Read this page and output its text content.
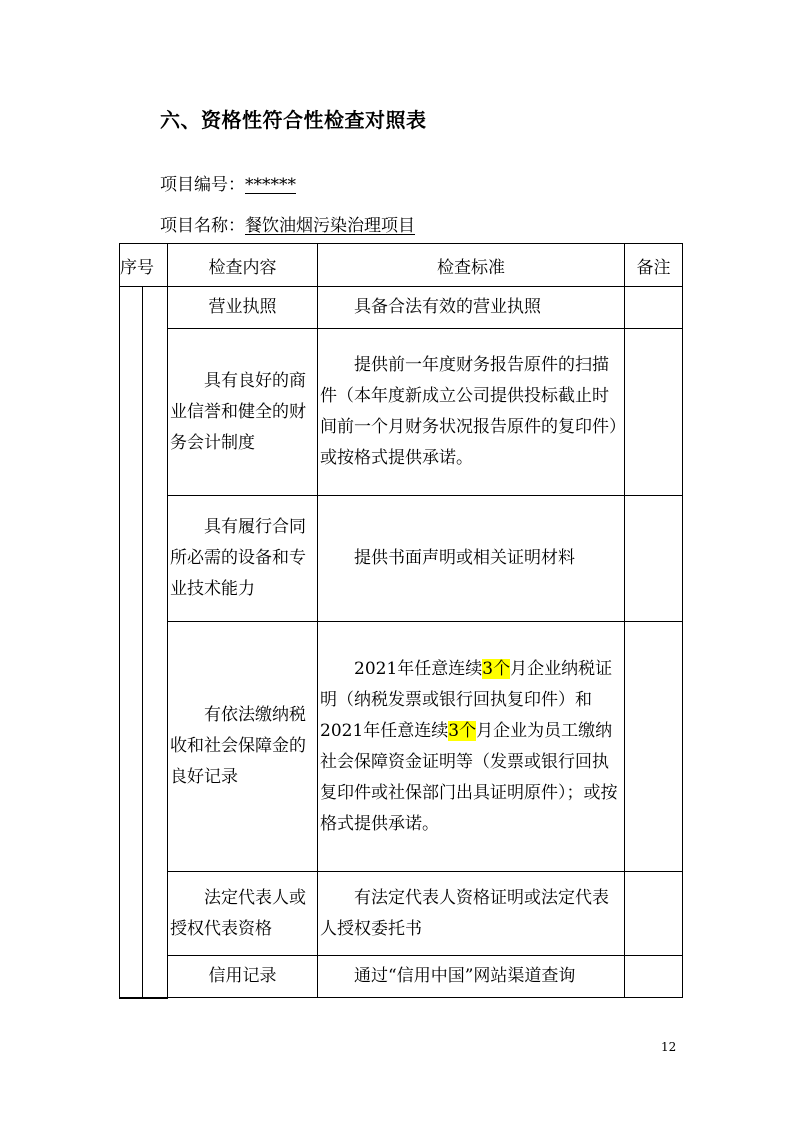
六、资格性符合性检查对照表
项目编号：******
项目名称：餐饮油烟污染治理项目
序号		检查内容	检查标准	备注
		营业执照	具备合法有效的营业执照	
		具有良好的商业信誉和健全的财务会计制度	提供前一年度财务报告原件的扫描件（本年度新成立公司提供投标截止时间前一个月财务状况报告原件的复印件）或按格式提供承诺。	
		具有履行合同所必需的设备和专业技术能力	提供书面声明或相关证明材料	
		有依法缴纳税收和社会保障金的良好记录	2021年任意连续3个月企业纳税证明（纳税发票或银行回执复印件）和2021年任意连续3个月企业为员工缴纳社会保障资金证明等（发票或银行回执复印件或社保部门出具证明原件）；或按格式提供承诺。	
		法定代表人或授权代表资格	有法定代表人资格证明或法定代表人授权委托书	
		信用记录	通过“信用中国”网站渠道查询	
12
